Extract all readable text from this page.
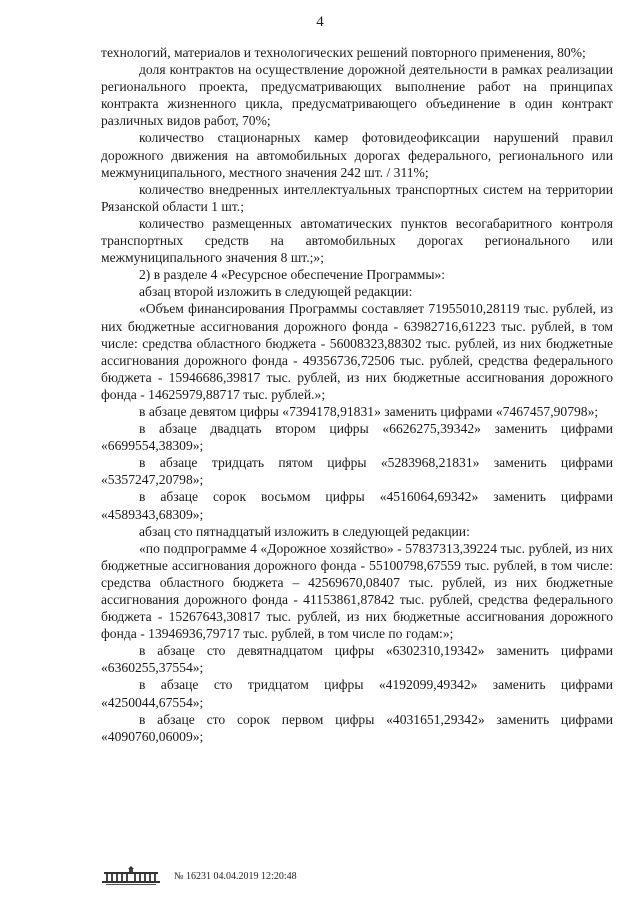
4

технологий, материалов и технологических решений повторного применения, 80%;

доля контрактов на осуществление дорожной деятельности в рамках реализации регионального проекта, предусматривающих выполнение работ на принципах контракта жизненного цикла, предусматривающего объединение в один контракт различных видов работ, 70%;

количество стационарных камер фотовидеофиксации нарушений правил дорожного движения на автомобильных дорогах федерального, регионального или межмуниципального, местного значения 242 шт. / 311%;

количество внедренных интеллектуальных транспортных систем на территории Рязанской области 1 шт.;

количество размещенных автоматических пунктов весогабаритного контроля транспортных средств на автомобильных дорогах регионального или межмуниципального значения 8 шт.;»;

2) в разделе 4 «Ресурсное обеспечение Программы»:

абзац второй изложить в следующей редакции:

«Объем финансирования Программы составляет 71955010,28119 тыс. рублей, из них бюджетные ассигнования дорожного фонда - 63982716,61223 тыс. рублей, в том числе: средства областного бюджета - 56008323,88302 тыс. рублей, из них бюджетные ассигнования дорожного фонда - 49356736,72506 тыс. рублей, средства федерального бюджета - 15946686,39817 тыс. рублей, из них бюджетные ассигнования дорожного фонда - 14625979,88717 тыс. рублей.»;

в абзаце девятом цифры «7394178,91831» заменить цифрами «7467457,90798»;

в абзаце двадцать втором цифры «6626275,39342» заменить цифрами «6699554,38309»;

в абзаце тридцать пятом цифры «5283968,21831» заменить цифрами «5357247,20798»;

в абзаце сорок восьмом цифры «4516064,69342» заменить цифрами «4589343,68309»;

абзац сто пятнадцатый изложить в следующей редакции:

«по подпрограмме 4 «Дорожное хозяйство» - 57837313,39224 тыс. рублей, из них бюджетные ассигнования дорожного фонда - 55100798,67559 тыс. рублей, в том числе: средства областного бюджета – 42569670,08407 тыс. рублей, из них бюджетные ассигнования дорожного фонда - 41153861,87842 тыс. рублей, средства федерального бюджета - 15267643,30817 тыс. рублей, из них бюджетные ассигнования дорожного фонда - 13946936,79717 тыс. рублей, в том числе по годам:»;

в абзаце сто девятнадцатом цифры «6302310,19342» заменить цифрами «6360255,37554»;

в абзаце сто тридцатом цифры «4192099,49342» заменить цифрами «4250044,67554»;

в абзаце сто сорок первом цифры «4031651,29342» заменить цифрами «4090760,06009»;

№ 16231 04.04.2019 12:20:48
